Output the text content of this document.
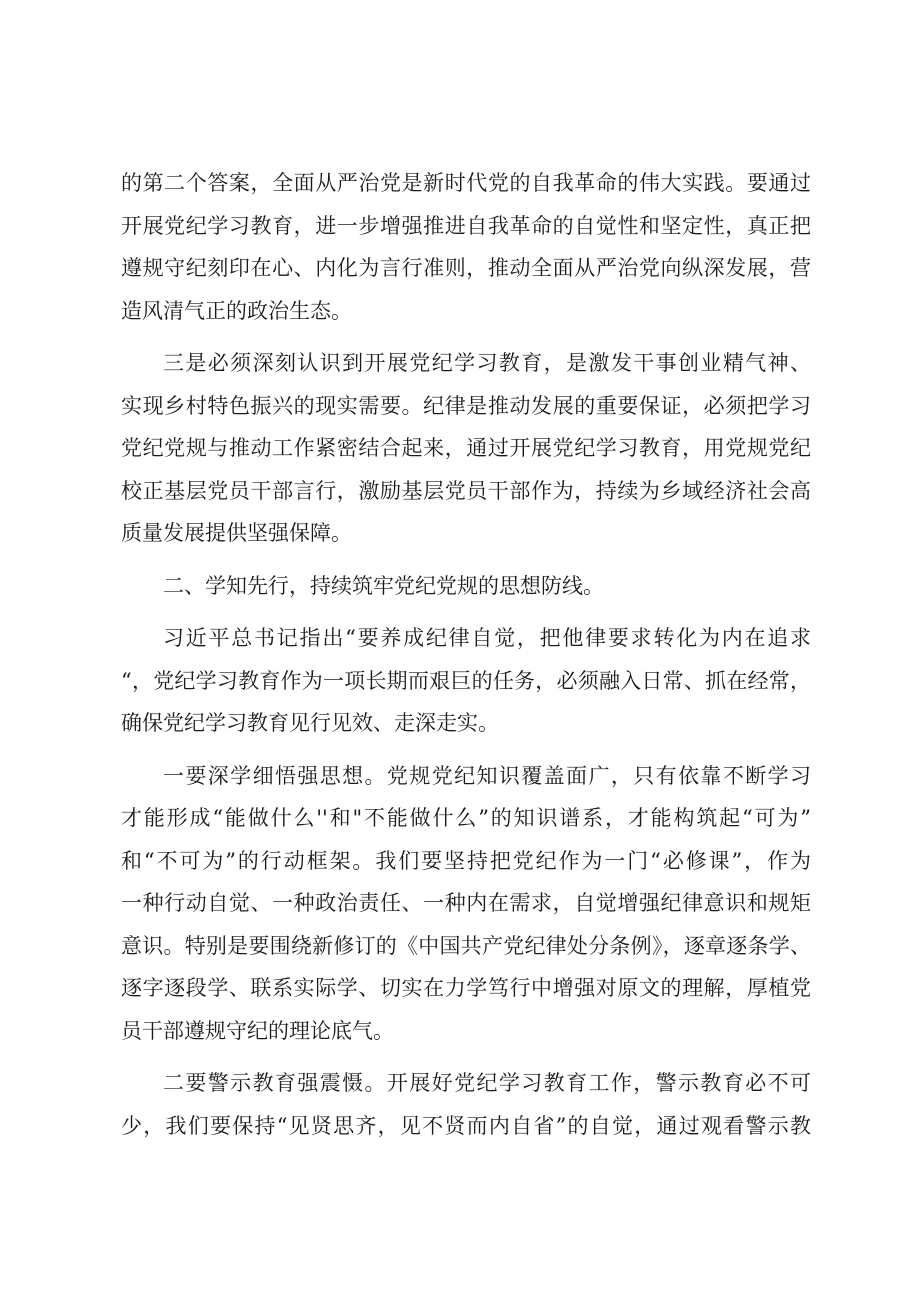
的第二个答案，全面从严治党是新时代党的自我革命的伟大实践。要通过
开展党纪学习教育，进一步增强推进自我革命的自觉性和坚定性，真正把
遵规守纪刻印在心、内化为言行准则，推动全面从严治党向纵深发展，营
造风清气正的政治生态。
三是必须深刻认识到开展党纪学习教育，是激发干事创业精气神、
实现乡村特色振兴的现实需要。纪律是推动发展的重要保证，必须把学习
党纪党规与推动工作紧密结合起来，通过开展党纪学习教育，用党规党纪
校正基层党员干部言行，激励基层党员干部作为，持续为乡域经济社会高
质量发展提供坚强保障。
二、学知先行，持续筑牢党纪党规的思想防线。
习近平总书记指出“要养成纪律自觉，把他律要求转化为内在追求
“，党纪学习教育作为一项长期而艰巨的任务，必须融入日常、抓在经常，
确保党纪学习教育见行见效、走深走实。
一要深学细悟强思想。党规党纪知识覆盖面广，只有依靠不断学习
才能形成“能做什么''和"不能做什么”的知识谱系，才能构筑起“可为”
和“不可为”的行动框架。我们要坚持把党纪作为一门“必修课”，作为
一种行动自觉、一种政治责任、一种内在需求，自觉增强纪律意识和规矩
意识。特别是要围绕新修订的《中国共产党纪律处分条例》，逐章逐条学、
逐字逐段学、联系实际学、切实在力学笃行中增强对原文的理解，厚植党
员干部遵规守纪的理论底气。
二要警示教育强震慑。开展好党纪学习教育工作，警示教育必不可
少，我们要保持“见贤思齐，见不贤而内自省”的自觉，通过观看警示教
